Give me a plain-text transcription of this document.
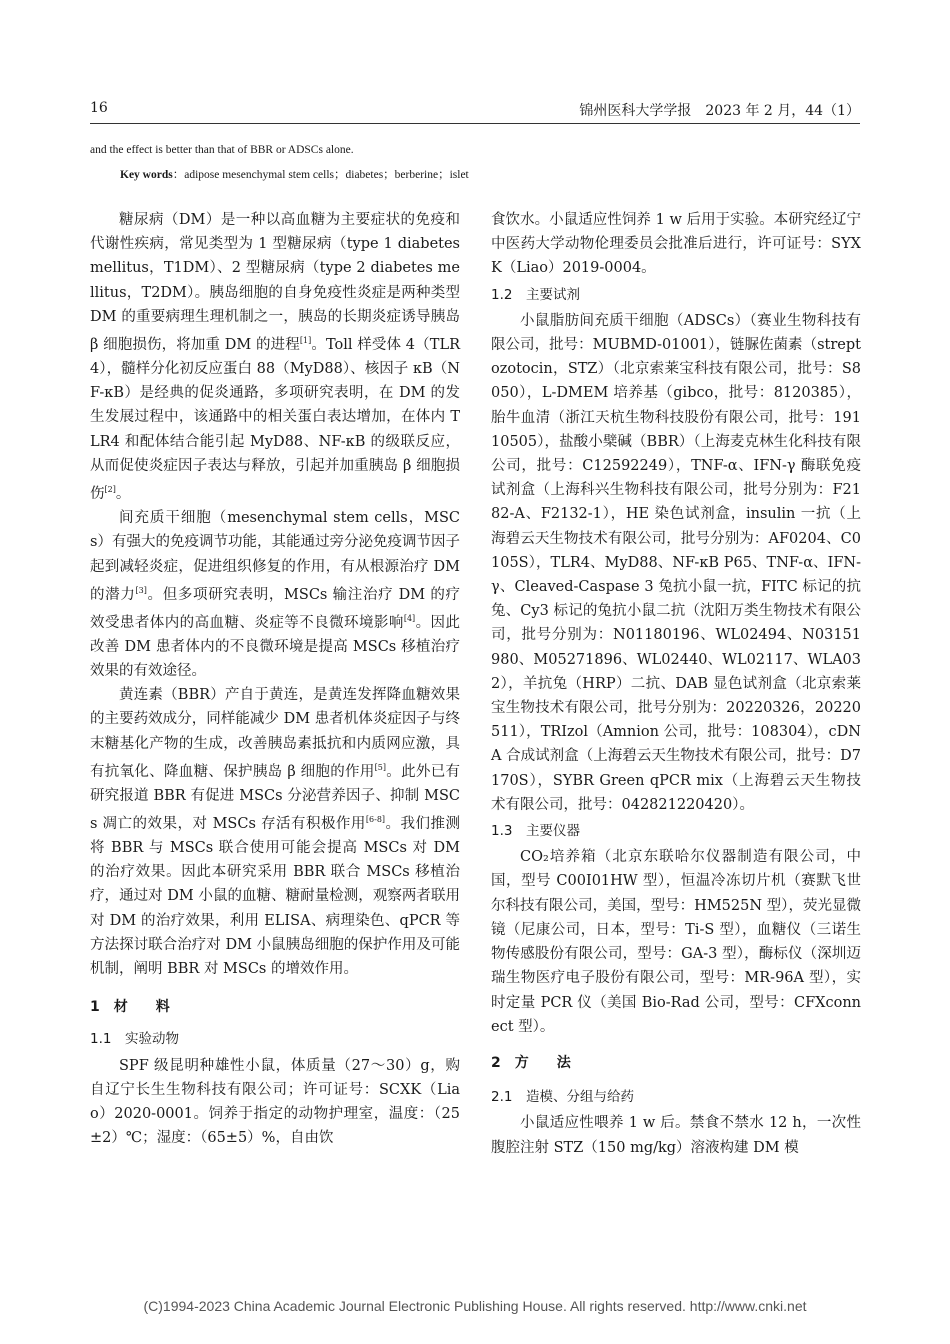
16	锦州医科大学学报　2023 年 2 月，44（1）
and the effect is better than that of BBR or ADSCs alone.
Key words：adipose mesenchymal stem cells；diabetes；berberine；islet

糖尿病（DM）是一种以高血糖为主要症状的免疫和代谢性疾病，常见类型为 1 型糖尿病（type 1 diabetes mellitus，T1DM）、2 型糖尿病（type 2 diabetes mellitus，T2DM）。胰岛细胞的自身免疫性炎症是两种类型 DM 的重要病理生理机制之一，胰岛的长期炎症诱导胰岛 β 细胞损伤，将加重 DM 的进程[1]。Toll 样受体 4（TLR4），髓样分化初反应蛋白 88（MyD88）、核因子 κB（NF-κB）是经典的促炎通路，多项研究表明，在 DM 的发生发展过程中，该通路中的相关蛋白表达增加，在体内 TLR4 和配体结合能引起 MyD88、NF-κB 的级联反应，从而促使炎症因子表达与释放，引起并加重胰岛 β 细胞损伤[2]。

间充质干细胞（mesenchymal stem cells，MSCs）有强大的免疫调节功能，其能通过旁分泌免疫调节因子起到减轻炎症，促进组织修复的作用，有从根源治疗 DM 的潜力[3]。但多项研究表明，MSCs 输注治疗 DM 的疗效受患者体内的高血糖、炎症等不良微环境影响[4]。因此改善 DM 患者体内的不良微环境是提高 MSCs 移植治疗效果的有效途径。

黄连素（BBR）产自于黄连，是黄连发挥降血糖效果的主要药效成分，同样能减少 DM 患者机体炎症因子与终末糖基化产物的生成，改善胰岛素抵抗和内质网应激，具有抗氧化、降血糖、保护胰岛 β 细胞的作用[5]。此外已有研究报道 BBR 有促进 MSCs 分泌营养因子、抑制 MSCs 凋亡的效果，对 MSCs 存活有积极作用[6-8]。我们推测将 BBR 与 MSCs 联合使用可能会提高 MSCs 对 DM 的治疗效果。因此本研究采用 BBR 联合 MSCs 移植治疗，通过对 DM 小鼠的血糖、糖耐量检测，观察两者联用对 DM 的治疗效果，利用 ELISA、病理染色、qPCR 等方法探讨联合治疗对 DM 小鼠胰岛细胞的保护作用及可能机制，阐明 BBR 对 MSCs 的增效作用。

1　材　　料
1.1　实验动物

SPF 级昆明种雄性小鼠，体质量（27～30）g，购自辽宁长生生物科技有限公司；许可证号：SCXK（Liao）2020-0001。饲养于指定的动物护理室，温度：（25±2）℃；湿度：（65±5）%，自由饮

食饮水。小鼠适应性饲养 1 w 后用于实验。本研究经辽宁中医药大学动物伦理委员会批准后进行，许可证号：SYXK（Liao）2019-0004。

1.2　主要试剂

小鼠脂肪间充质干细胞（ADSCs）（赛业生物科技有限公司，批号：MUBMD-01001），链脲佐菌素（streptozotocin，STZ）（北京索莱宝科技有限公司，批号：S8050），L-DMEM 培养基（gibco，批号：8120385），胎牛血清（浙江天杭生物科技股份有限公司，批号：19110505），盐酸小檗碱（BBR）（上海麦克林生化科技有限公司，批号：C12592249），TNF-α、IFN-γ 酶联免疫试剂盒（上海科兴生物科技有限公司，批号分别为：F2182-A、F2132-1），HE 染色试剂盒，insulin 一抗（上海碧云天生物技术有限公司，批号分别为：AF0204、C0105S），TLR4、MyD88、NF-κB P65、TNF-α、IFN-γ、Cleaved-Caspase 3 兔抗小鼠一抗，FITC 标记的抗兔、Cy3 标记的兔抗小鼠二抗（沈阳万类生物技术有限公司，批号分别为：N01180196、WL02494、N03151980、M05271896、WL02440、WL02117、WLA032），羊抗兔（HRP）二抗、DAB 显色试剂盒（北京索莱宝生物技术有限公司，批号分别为：20220326，20220511），TRIzol（Amnion 公司，批号：108304），cDNA 合成试剂盒（上海碧云天生物技术有限公司，批号：D7170S），SYBR Green qPCR mix（上海碧云天生物技术有限公司，批号：042821220420）。

1.3　主要仪器

CO₂培养箱（北京东联哈尔仪器制造有限公司，中国，型号 C00I01HW 型），恒温冷冻切片机（赛默飞世尔科技有限公司，美国，型号：HM525N 型），荧光显微镜（尼康公司，日本，型号：Ti-S 型），血糖仪（三诺生物传感股份有限公司，型号：GA-3 型），酶标仪（深圳迈瑞生物医疗电子股份有限公司，型号：MR-96A 型），实时定量 PCR 仪（美国 Bio-Rad 公司，型号：CFXconnect 型）。

2　方　　法
2.1　造模、分组与给药

小鼠适应性喂养 1 w 后。禁食不禁水 12 h，一次性腹腔注射 STZ（150 mg/kg）溶液构建 DM 模

(C)1994-2023 China Academic Journal Electronic Publishing House. All rights reserved. http://www.cnki.net
